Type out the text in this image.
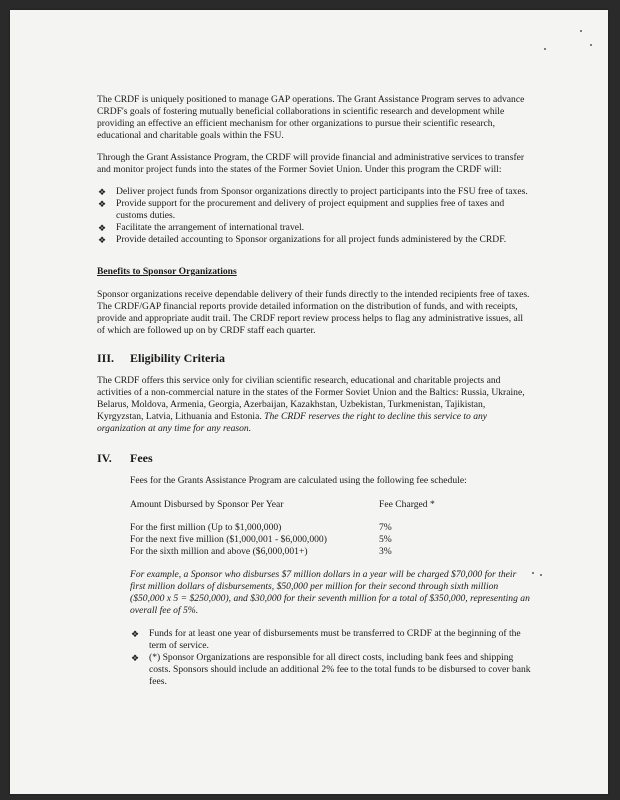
The CRDF is uniquely positioned to manage GAP operations. The Grant Assistance Program serves to advance CRDF's goals of fostering mutually beneficial collaborations in scientific research and development while providing an effective an efficient mechanism for other organizations to pursue their scientific research, educational and charitable goals within the FSU.

Through the Grant Assistance Program, the CRDF will provide financial and administrative services to transfer and monitor project funds into the states of the Former Soviet Union. Under this program the CRDF will:

❖ Deliver project funds from Sponsor organizations directly to project participants into the FSU free of taxes.
❖ Provide support for the procurement and delivery of project equipment and supplies free of taxes and customs duties.
❖ Facilitate the arrangement of international travel.
❖ Provide detailed accounting to Sponsor organizations for all project funds administered by the CRDF.

Benefits to Sponsor Organizations

Sponsor organizations receive dependable delivery of their funds directly to the intended recipients free of taxes. The CRDF/GAP financial reports provide detailed information on the distribution of funds, and with receipts, provide and appropriate audit trail. The CRDF report review process helps to flag any administrative issues, all of which are followed up on by CRDF staff each quarter.

III.	Eligibility Criteria

The CRDF offers this service only for civilian scientific research, educational and charitable projects and activities of a non-commercial nature in the states of the Former Soviet Union and the Baltics: Russia, Ukraine, Belarus, Moldova, Armenia, Georgia, Azerbaijan, Kazakhstan, Uzbekistan, Turkmenistan, Tajikistan, Kyrgyzstan, Latvia, Lithuania and Estonia. The CRDF reserves the right to decline this service to any organization at any time for any reason.

IV.	Fees

Fees for the Grants Assistance Program are calculated using the following fee schedule:

Amount Disbursed by Sponsor Per Year	Fee Charged *
For the first million (Up to $1,000,000)	7%
For the next five million ($1,000,001 - $6,000,000)	5%
For the sixth million and above ($6,000,001+)	3%

For example, a Sponsor who disburses $7 million dollars in a year will be charged $70,000 for their first million dollars of disbursements, $50,000 per million for their second through sixth million ($50,000 x 5 = $250,000), and $30,000 for their seventh million for a total of $350,000, representing an overall fee of 5%.

❖ Funds for at least one year of disbursements must be transferred to CRDF at the beginning of the term of service.
❖ (*) Sponsor Organizations are responsible for all direct costs, including bank fees and shipping costs. Sponsors should include an additional 2% fee to the total funds to be disbursed to cover bank fees.
